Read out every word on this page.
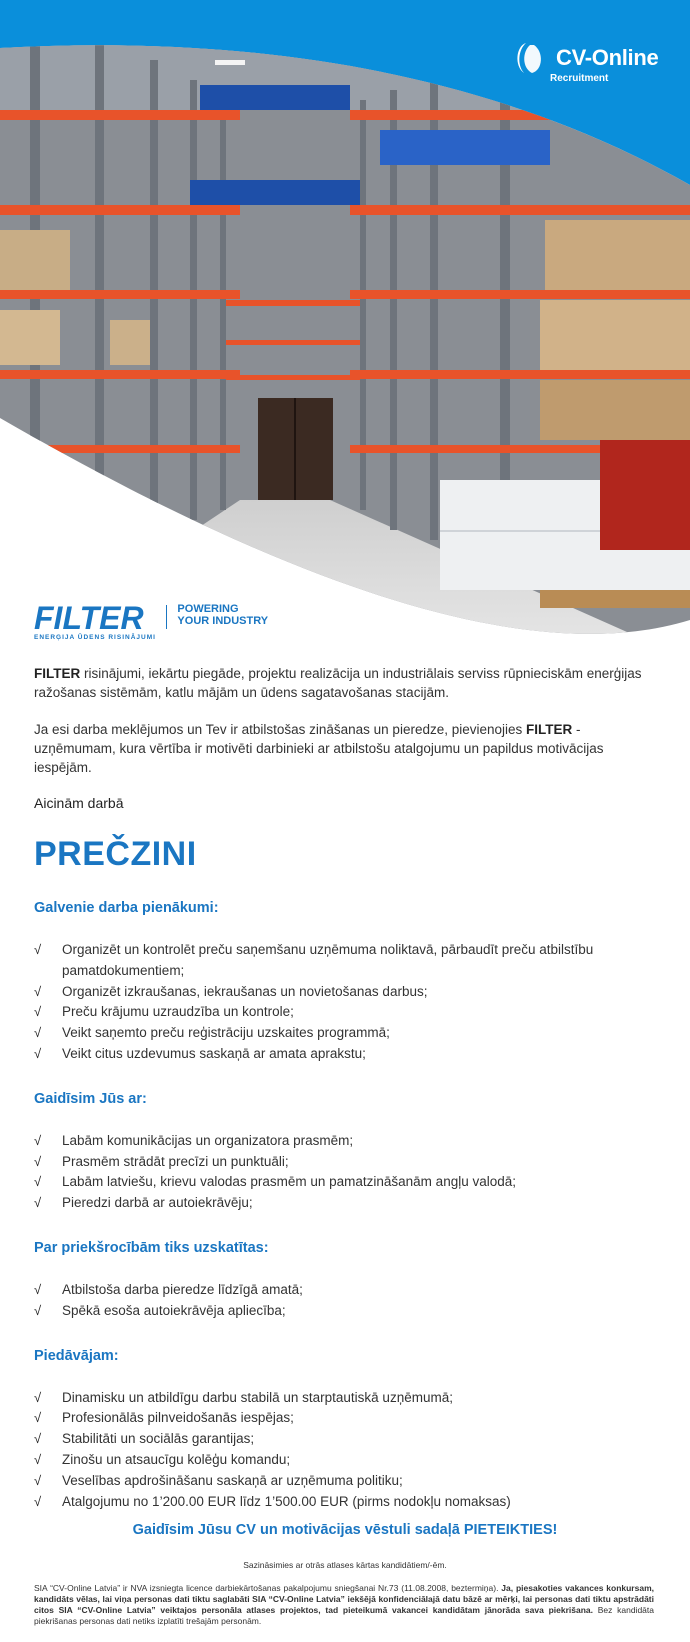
CV-Online
Recruitment
FILTER
ENERĢIJA ŪDENS RISINĀJUMI
POWERING
YOUR INDUSTRY

FILTER risinājumi, iekārtu piegāde, projektu realizācija un industriālais serviss rūpnieciskām enerģijas ražošanas sistēmām, katlu mājām un ūdens sagatavošanas stacijām.

Ja esi darba meklējumos un Tev ir atbilstošas zināšanas un pieredze, pievienojies FILTER - uzņēmumam, kura vērtība ir motivēti darbinieki ar atbilstošu atalgojumu un papildus motivācijas iespējām.

Aicinām darbā
PREČZINI
Galvenie darba pienākumi:
√ Organizēt un kontrolēt preču saņemšanu uzņēmuma noliktavā, pārbaudīt preču atbilstību pamatdokumentiem;
√ Organizēt izkraušanas, iekraušanas un novietošanas darbus;
√ Preču krājumu uzraudzība un kontrole;
√ Veikt saņemto preču reģistrāciju uzskaites programmā;
√ Veikt citus uzdevumus saskaņā ar amata aprakstu;
Gaidīsim Jūs ar:
√ Labām komunikācijas un organizatora prasmēm;
√ Prasmēm strādāt precīzi un punktuāli;
√ Labām latviešu, krievu valodas prasmēm un pamatzināšanām angļu valodā;
√ Pieredzi darbā ar autoiekrāvēju;
Par priekšrocībām tiks uzskatītas:
√ Atbilstoša darba pieredze līdzīgā amatā;
√ Spēkā esoša autoiekrāvēja apliecība;
Piedāvājam:
√ Dinamisku un atbildīgu darbu stabilā un starptautiskā uzņēmumā;
√ Profesionālās pilnveidošanās iespējas;
√ Stabilitāti un sociālās garantijas;
√ Zinošu un atsaucīgu kolēģu komandu;
√ Veselības apdrošināšanu saskaņā ar uzņēmuma politiku;
√ Atalgojumu no 1’200.00 EUR līdz 1’500.00 EUR (pirms nodokļu nomaksas)
Gaidīsim Jūsu CV un motivācijas vēstuli sadaļā PIETEIKTIES!
Sazināsimies ar otrās atlases kārtas kandidātiem/-ēm.
SIA “CV-Online Latvia” ir NVA izsniegta licence darbiekārtošanas pakalpojumu sniegšanai Nr.73 (11.08.2008, beztermiņa). Ja, piesakoties vakances konkursam, kandidāts vēlas, lai viņa personas dati tiktu saglabāti SIA “CV-Online Latvia” iekšējā konfidenciālajā datu bāzē ar mērķi, lai personas dati tiktu apstrādāti citos SIA “CV-Online Latvia” veiktajos personāla atlases projektos, tad pieteikumā vakancei kandidātam jānorāda sava piekrišana. Bez kandidāta piekrišanas personas dati netiks izplatīti trešajām personām.
